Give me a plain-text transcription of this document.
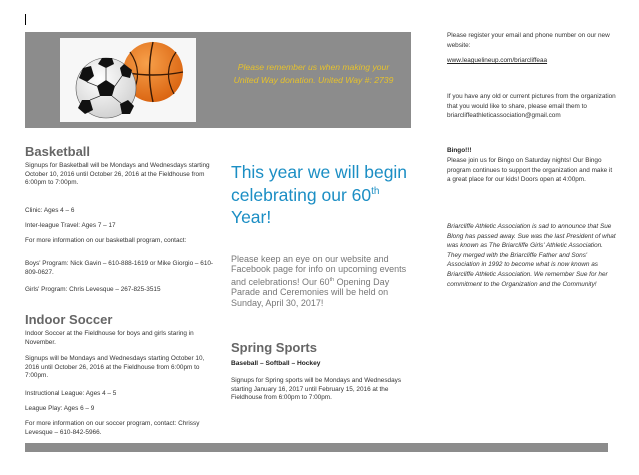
Please remember us when making your United Way donation. United Way #: 2739
Basketball

Signups for Basketball will be Mondays and Wednesdays starting October 10, 2016 until October 26, 2016 at the Fieldhouse from 6:00pm to 7:00pm.

Clinic: Ages 4 – 6

Inter-league Travel: Ages 7 – 17

For more information on our basketball program, contact:

Boys' Program: Nick Gavin – 610-888-1619 or Mike Giorgio – 610-809-0627.

Girls' Program: Chris Levesque – 267-825-3515

Indoor Soccer

Indoor Soccer at the Fieldhouse for boys and girls staring in November.

Signups will be Mondays and Wednesdays starting October 10, 2016 until October 26, 2016 at the Fieldhouse from 6:00pm to 7:00pm.

Instructional League: Ages 4 – 5

League Play: Ages 6 – 9

For more information on our soccer program, contact: Chrissy Levesque – 610-842-5966.

This year we will begin celebrating our 60th Year!
Please keep an eye on our website and Facebook page for info on upcoming events and celebrations! Our 60th Opening Day Parade and Ceremonies will be held on Sunday, April 30, 2017!
Spring Sports

Baseball – Softball – Hockey

Signups for Spring sports will be Mondays and Wednesdays starting January 16, 2017 until February 15, 2016 at the Fieldhouse from 6:00pm to 7:00pm.

Please register your email and phone number on our new website:

www.leaguelineup.com/briarcliffeaa

If you have any old or current pictures from the organization that you would like to share, please email them to briarcliffeathleticassociation@gmail.com

Bingo!!!

Please join us for Bingo on Saturday nights! Our Bingo program continues to support the organization and make it a great place for our kids! Doors open at 4:00pm.

Briarcliffe Athletic Association is sad to announce that Sue Blong has passed away. Sue was the last President of what was known as The Briarcliffe Girls' Athletic Association. They merged with the Briarcliffe Father and Sons' Association in 1992 to become what is now known as Briarcliffe Athletic Association. We remember Sue for her commitment to the Organization and the Community!
